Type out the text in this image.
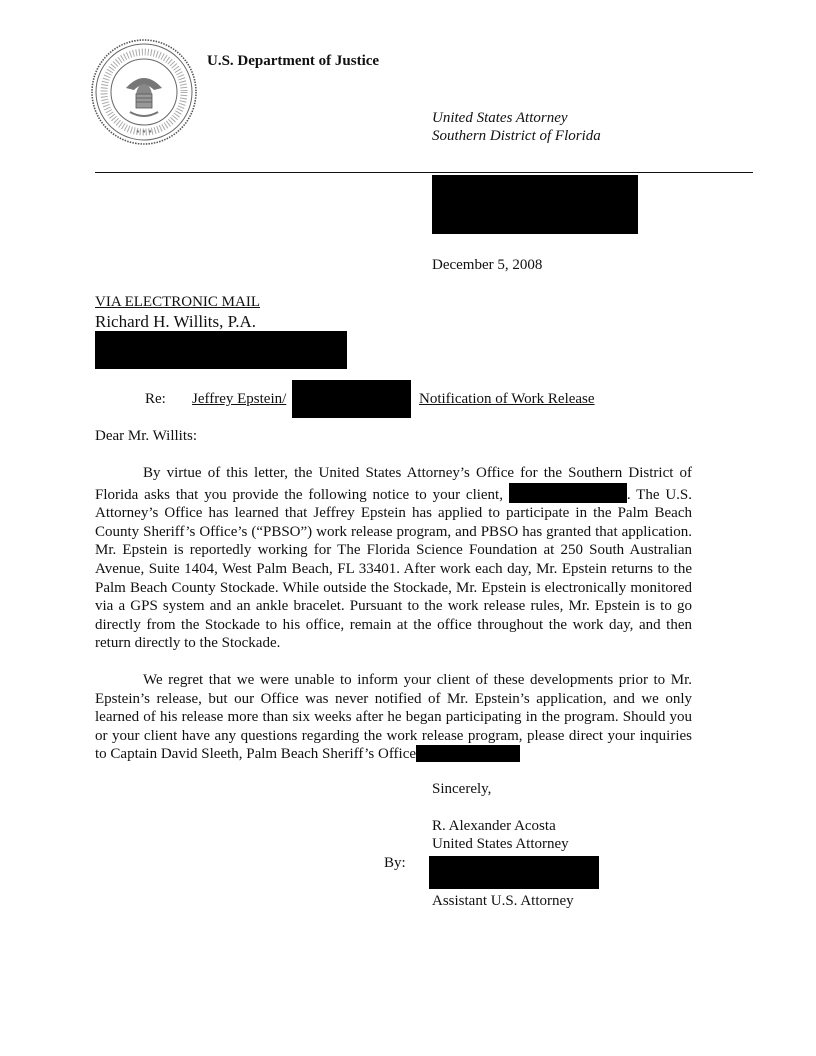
★ ★ ★
U.S. Department of Justice
United States Attorney
Southern District of Florida
December 5, 2008
VIA ELECTRONIC MAIL
Richard H. Willits, P.A.
Re: Jeffrey Epstein/	Notification of Work Release
Dear Mr. Willits:
By virtue of this letter, the United States Attorney’s Office for the Southern District of Florida asks that you provide the following notice to your client,	. The U.S. Attorney’s Office has learned that Jeffrey Epstein has applied to participate in the Palm Beach County Sheriff’s Office’s (“PBSO”) work release program, and PBSO has granted that application. Mr. Epstein is reportedly working for The Florida Science Foundation at 250 South Australian Avenue, Suite 1404, West Palm Beach, FL 33401. After work each day, Mr. Epstein returns to the Palm Beach County Stockade. While outside the Stockade, Mr. Epstein is electronically monitored via a GPS system and an ankle bracelet. Pursuant to the work release rules, Mr. Epstein is to go directly from the Stockade to his office, remain at the office throughout the work day, and then return directly to the Stockade.
We regret that we were unable to inform your client of these developments prior to Mr. Epstein’s release, but our Office was never notified of Mr. Epstein’s application, and we only learned of his release more than six weeks after he began participating in the program. Should you or your client have any questions regarding the work release program, please direct your inquiries to Captain David Sleeth, Palm Beach Sheriff’s Office
Sincerely,
R. Alexander Acosta
United States Attorney
By:
Assistant U.S. Attorney
